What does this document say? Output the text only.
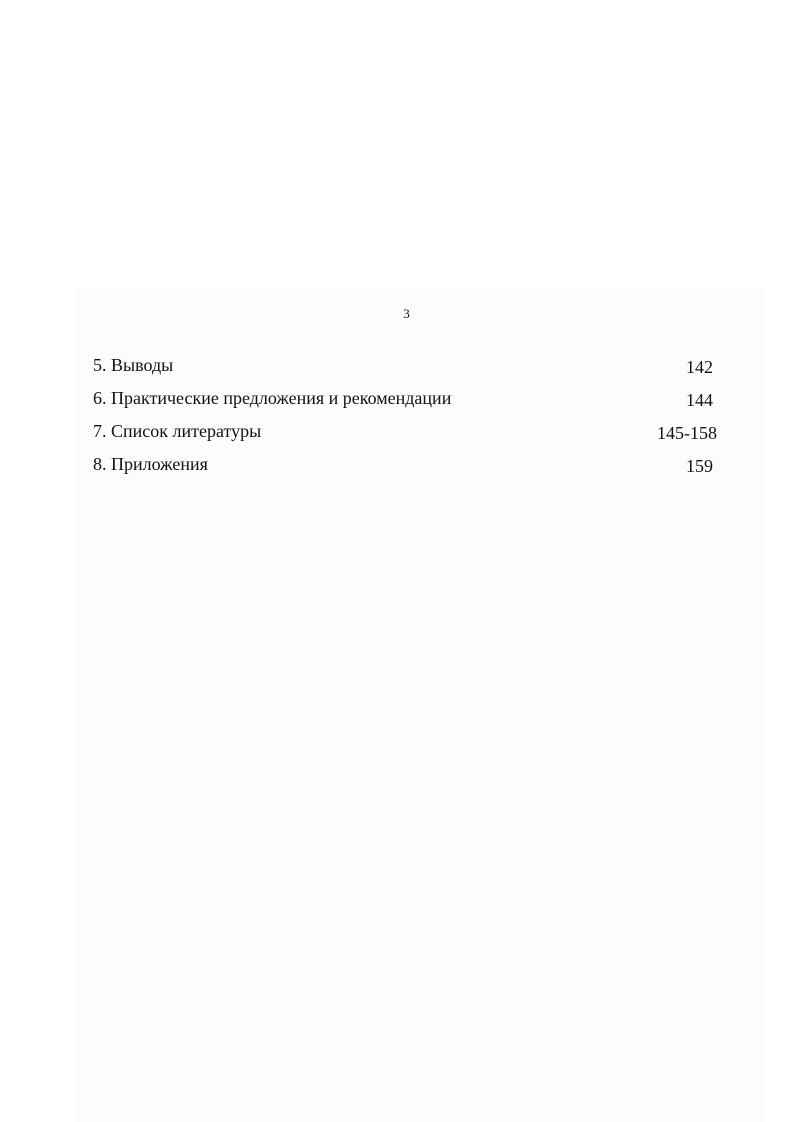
3
5. Выводы	142
6. Практические предложения и рекомендации	144
7. Список литературы	145-158
8. Приложения	159
